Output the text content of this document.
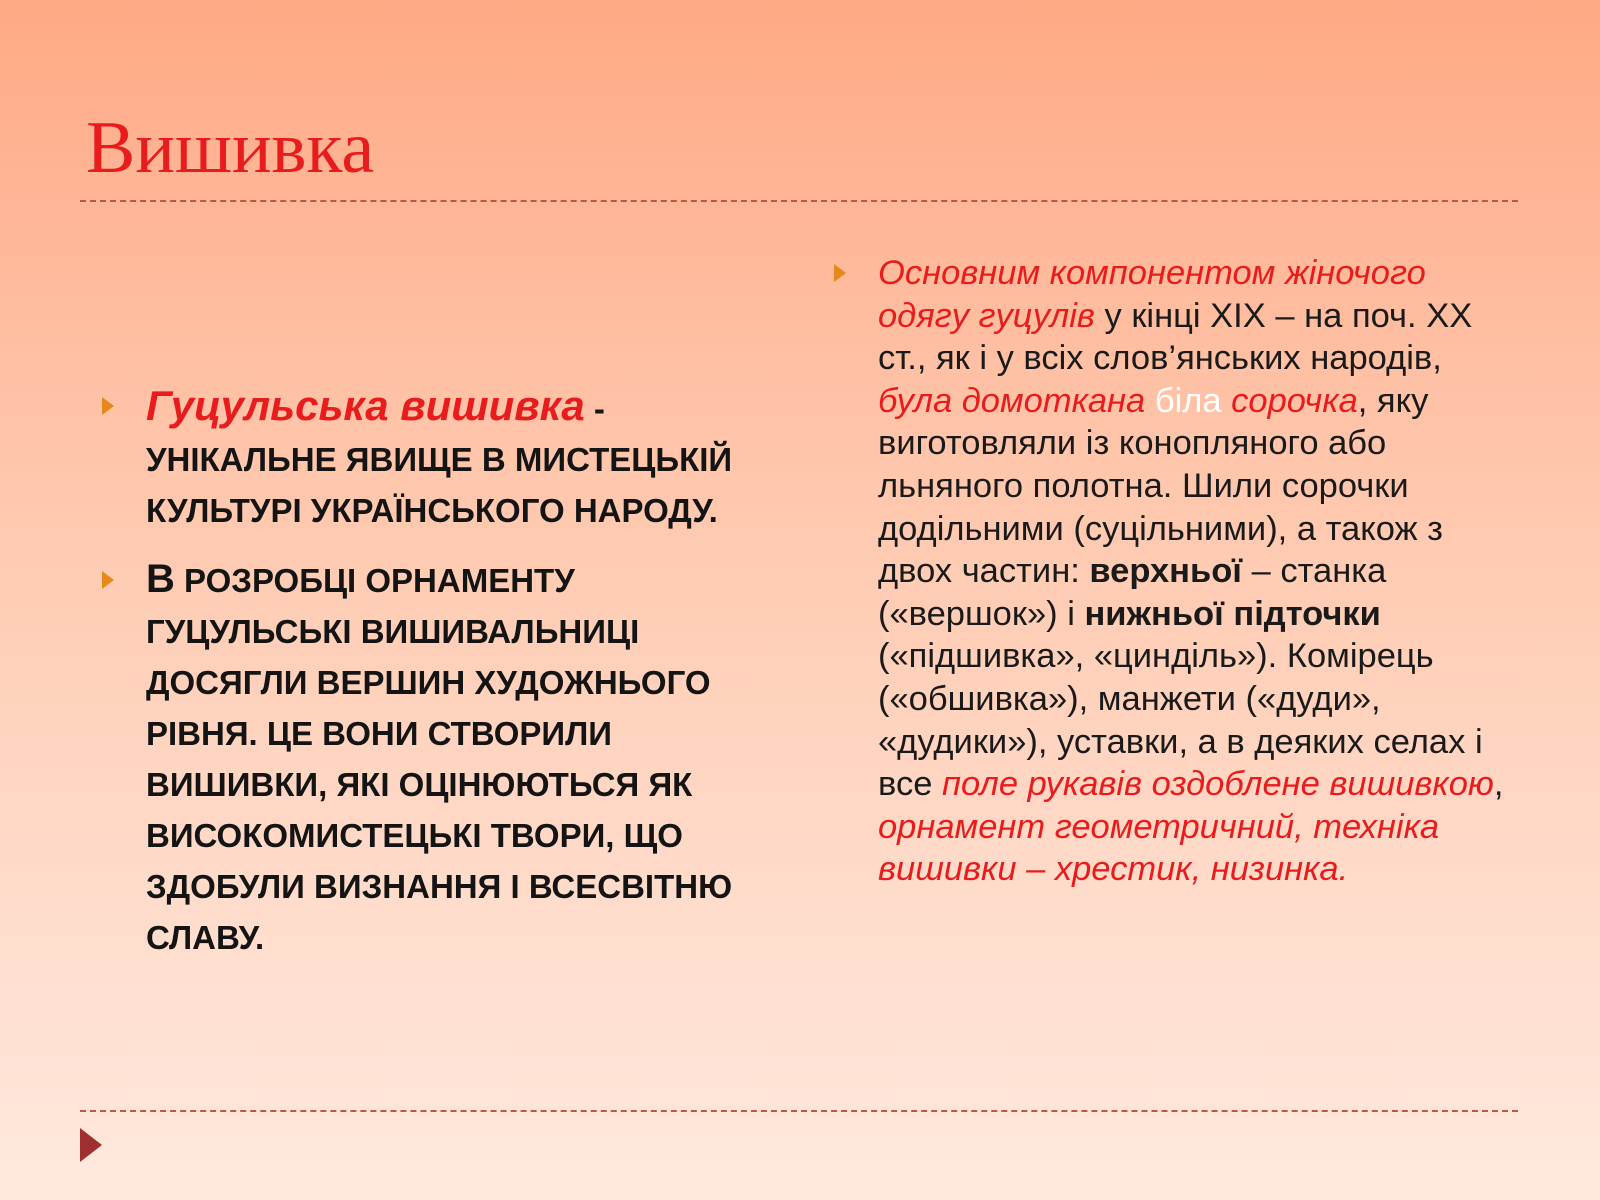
Вишивка
Гуцульська вишивка - УНІКАЛЬНЕ ЯВИЩЕ В МИСТЕЦЬКІЙ КУЛЬТУРІ УКРАЇНСЬКОГО НАРОДУ.
В РОЗРОБЦІ ОРНАМЕНТУ ГУЦУЛЬСЬКІ ВИШИВАЛЬНИЦІ ДОСЯГЛИ ВЕРШИН ХУДОЖНЬОГО РІВНЯ. ЦЕ ВОНИ СТВОРИЛИ ВИШИВКИ, ЯКІ ОЦІНЮЮТЬСЯ ЯК ВИСОКОМИСТЕЦЬКІ ТВОРИ, ЩО ЗДОБУЛИ ВИЗНАННЯ І ВСЕСВІТНЮ СЛАВУ.
Основним компонентом жіночого одягу гуцулів у кінці XIX – на поч. XX ст., як і у всіх слов’янських народів, була домоткана біла сорочка, яку виготовляли із конопляного або льняного полотна. Шили сорочки додільними (суцільними), а також з двох частин: верхньої – станка («вершок») і нижньої підточки («підшивка», «цинділь»). Комірець («обшивка»), манжети («дуди», «дудики»), уставки, а в деяких селах і все поле рукавів оздоблене вишивкою, орнамент геометричний, техніка вишивки – хрестик, низинка.
